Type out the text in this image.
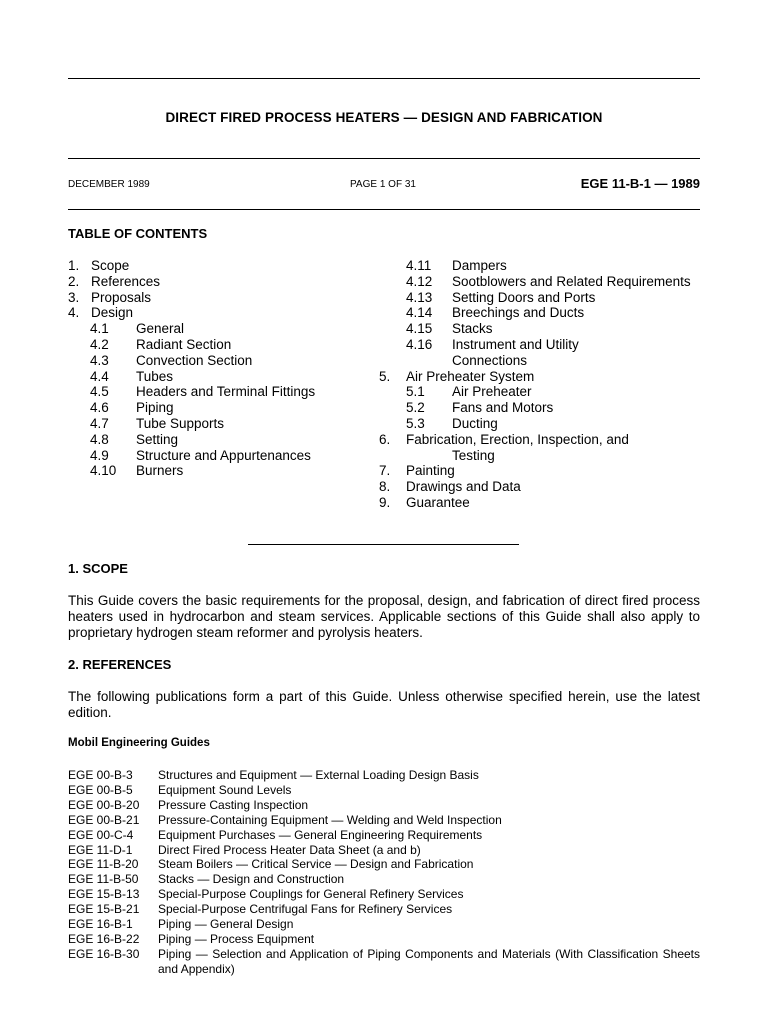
DIRECT FIRED PROCESS HEATERS — DESIGN AND FABRICATION
DECEMBER 1989	PAGE 1 OF 31	EGE 11-B-1 — 1989
TABLE OF CONTENTS
1. Scope
2. References
3. Proposals
4. Design
4.1 General
4.2 Radiant Section
4.3 Convection Section
4.4 Tubes
4.5 Headers and Terminal Fittings
4.6 Piping
4.7 Tube Supports
4.8 Setting
4.9 Structure and Appurtenances
4.10 Burners
4.11 Dampers
4.12 Sootblowers and Related Requirements
4.13 Setting Doors and Ports
4.14 Breechings and Ducts
4.15 Stacks
4.16 Instrument and Utility
Connections
5. Air Preheater System
5.1 Air Preheater
5.2 Fans and Motors
5.3 Ducting
6. Fabrication, Erection, Inspection, and
Testing
7. Painting
8. Drawings and Data
9. Guarantee
1. SCOPE
This Guide covers the basic requirements for the proposal, design, and fabrication of direct fired process heaters used in hydrocarbon and steam services. Applicable sections of this Guide shall also apply to proprietary hydrogen steam reformer and pyrolysis heaters.
2. REFERENCES
The following publications form a part of this Guide. Unless otherwise specified herein, use the latest edition.
Mobil Engineering Guides
EGE 00-B-3 Structures and Equipment — External Loading Design Basis
EGE 00-B-5 Equipment Sound Levels
EGE 00-B-20 Pressure Casting Inspection
EGE 00-B-21 Pressure-Containing Equipment — Welding and Weld Inspection
EGE 00-C-4 Equipment Purchases — General Engineering Requirements
EGE 11-D-1 Direct Fired Process Heater Data Sheet (a and b)
EGE 11-B-20 Steam Boilers — Critical Service — Design and Fabrication
EGE 11-B-50 Stacks — Design and Construction
EGE 15-B-13 Special-Purpose Couplings for General Refinery Services
EGE 15-B-21 Special-Purpose Centrifugal Fans for Refinery Services
EGE 16-B-1 Piping — General Design
EGE 16-B-22 Piping — Process Equipment
EGE 16-B-30 Piping — Selection and Application of Piping Components and Materials (With Classification Sheets and Appendix)
